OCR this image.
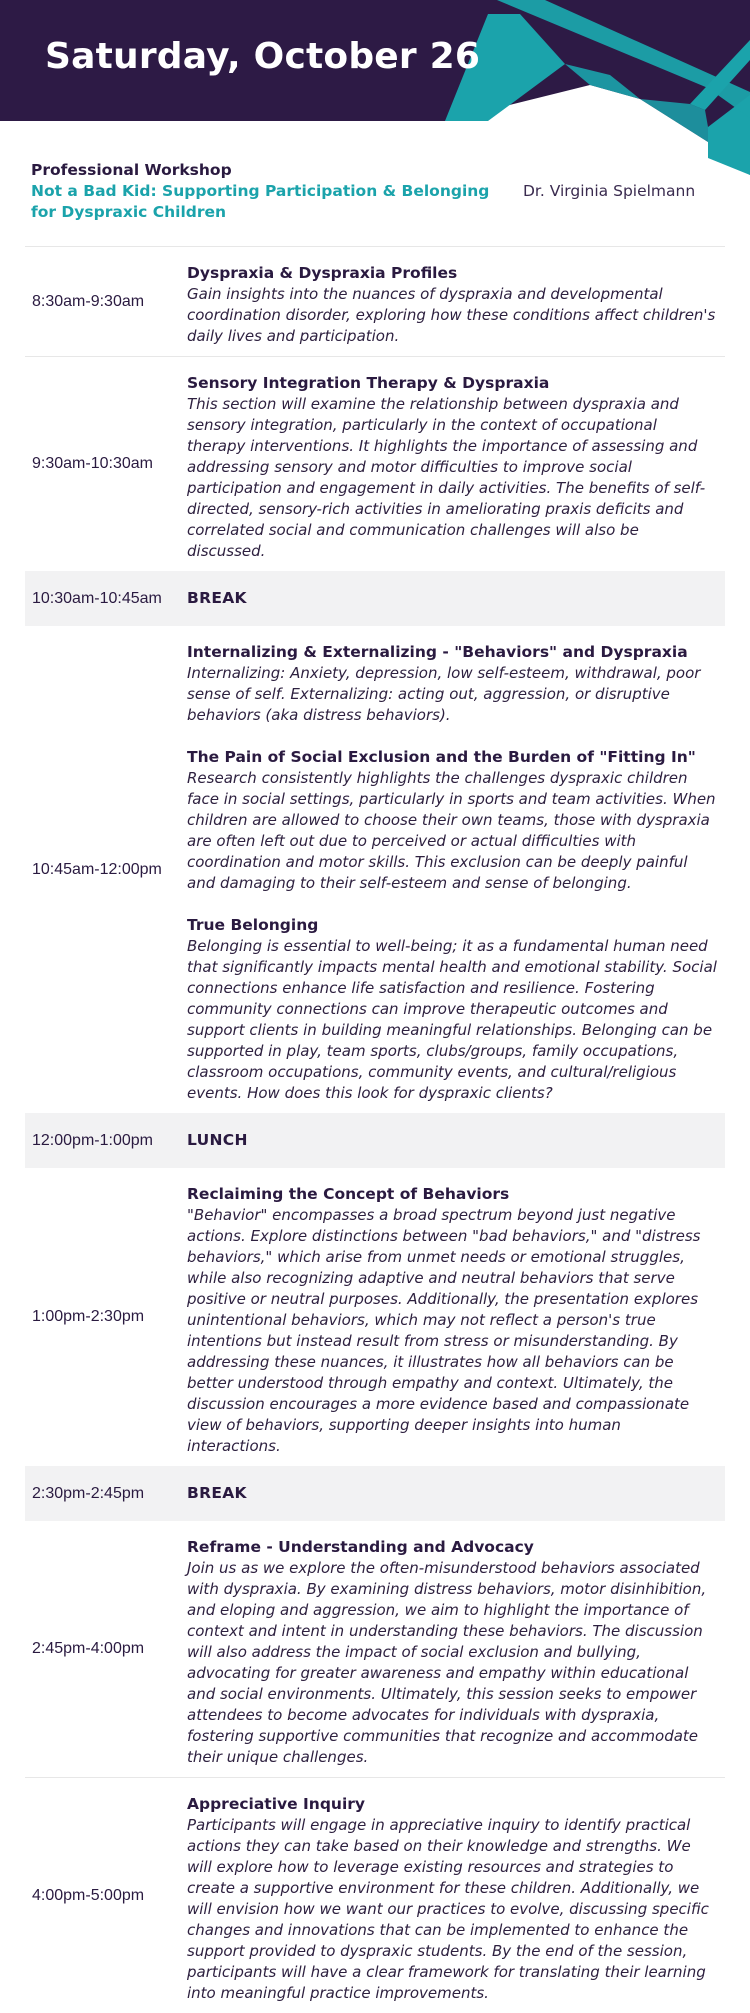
Saturday, October 26
Professional Workshop
Not a Bad Kid: Supporting Participation & Belonging for Dyspraxic Children
Dr. Virginia Spielmann
8:30am-9:30am
Dyspraxia & Dyspraxia Profiles
Gain insights into the nuances of dyspraxia and developmental coordination disorder, exploring how these conditions affect children's daily lives and participation.
9:30am-10:30am
Sensory Integration Therapy & Dyspraxia
This section will examine the relationship between dyspraxia and sensory integration, particularly in the context of occupational therapy interventions. It highlights the importance of assessing and addressing sensory and motor difficulties to improve social participation and engagement in daily activities. The benefits of self-directed, sensory-rich activities in ameliorating praxis deficits and correlated social and communication challenges will also be discussed.
10:30am-10:45am	BREAK
10:45am-12:00pm
Internalizing & Externalizing - "Behaviors" and Dyspraxia
Internalizing: Anxiety, depression, low self-esteem, withdrawal, poor sense of self. Externalizing: acting out, aggression, or disruptive behaviors (aka distress behaviors).
The Pain of Social Exclusion and the Burden of "Fitting In"
Research consistently highlights the challenges dyspraxic children face in social settings, particularly in sports and team activities. When children are allowed to choose their own teams, those with dyspraxia are often left out due to perceived or actual difficulties with coordination and motor skills. This exclusion can be deeply painful and damaging to their self-esteem and sense of belonging.
True Belonging
Belonging is essential to well-being; it as a fundamental human need that significantly impacts mental health and emotional stability. Social connections enhance life satisfaction and resilience. Fostering community connections can improve therapeutic outcomes and support clients in building meaningful relationships. Belonging can be supported in play, team sports, clubs/groups, family occupations, classroom occupations, community events, and cultural/religious events. How does this look for dyspraxic clients?
12:00pm-1:00pm	LUNCH
1:00pm-2:30pm
Reclaiming the Concept of Behaviors
"Behavior" encompasses a broad spectrum beyond just negative actions. Explore distinctions between "bad behaviors," and "distress behaviors," which arise from unmet needs or emotional struggles, while also recognizing adaptive and neutral behaviors that serve positive or neutral purposes. Additionally, the presentation explores unintentional behaviors, which may not reflect a person's true intentions but instead result from stress or misunderstanding. By addressing these nuances, it illustrates how all behaviors can be better understood through empathy and context. Ultimately, the discussion encourages a more evidence based and compassionate view of behaviors, supporting deeper insights into human interactions.
2:30pm-2:45pm	BREAK
2:45pm-4:00pm
Reframe - Understanding and Advocacy
Join us as we explore the often-misunderstood behaviors associated with dyspraxia. By examining distress behaviors, motor disinhibition, and eloping and aggression, we aim to highlight the importance of context and intent in understanding these behaviors. The discussion will also address the impact of social exclusion and bullying, advocating for greater awareness and empathy within educational and social environments. Ultimately, this session seeks to empower attendees to become advocates for individuals with dyspraxia, fostering supportive communities that recognize and accommodate their unique challenges.
4:00pm-5:00pm
Appreciative Inquiry
Participants will engage in appreciative inquiry to identify practical actions they can take based on their knowledge and strengths. We will explore how to leverage existing resources and strategies to create a supportive environment for these children. Additionally, we will envision how we want our practices to evolve, discussing specific changes and innovations that can be implemented to enhance the support provided to dyspraxic students. By the end of the session, participants will have a clear framework for translating their learning into meaningful practice improvements.
